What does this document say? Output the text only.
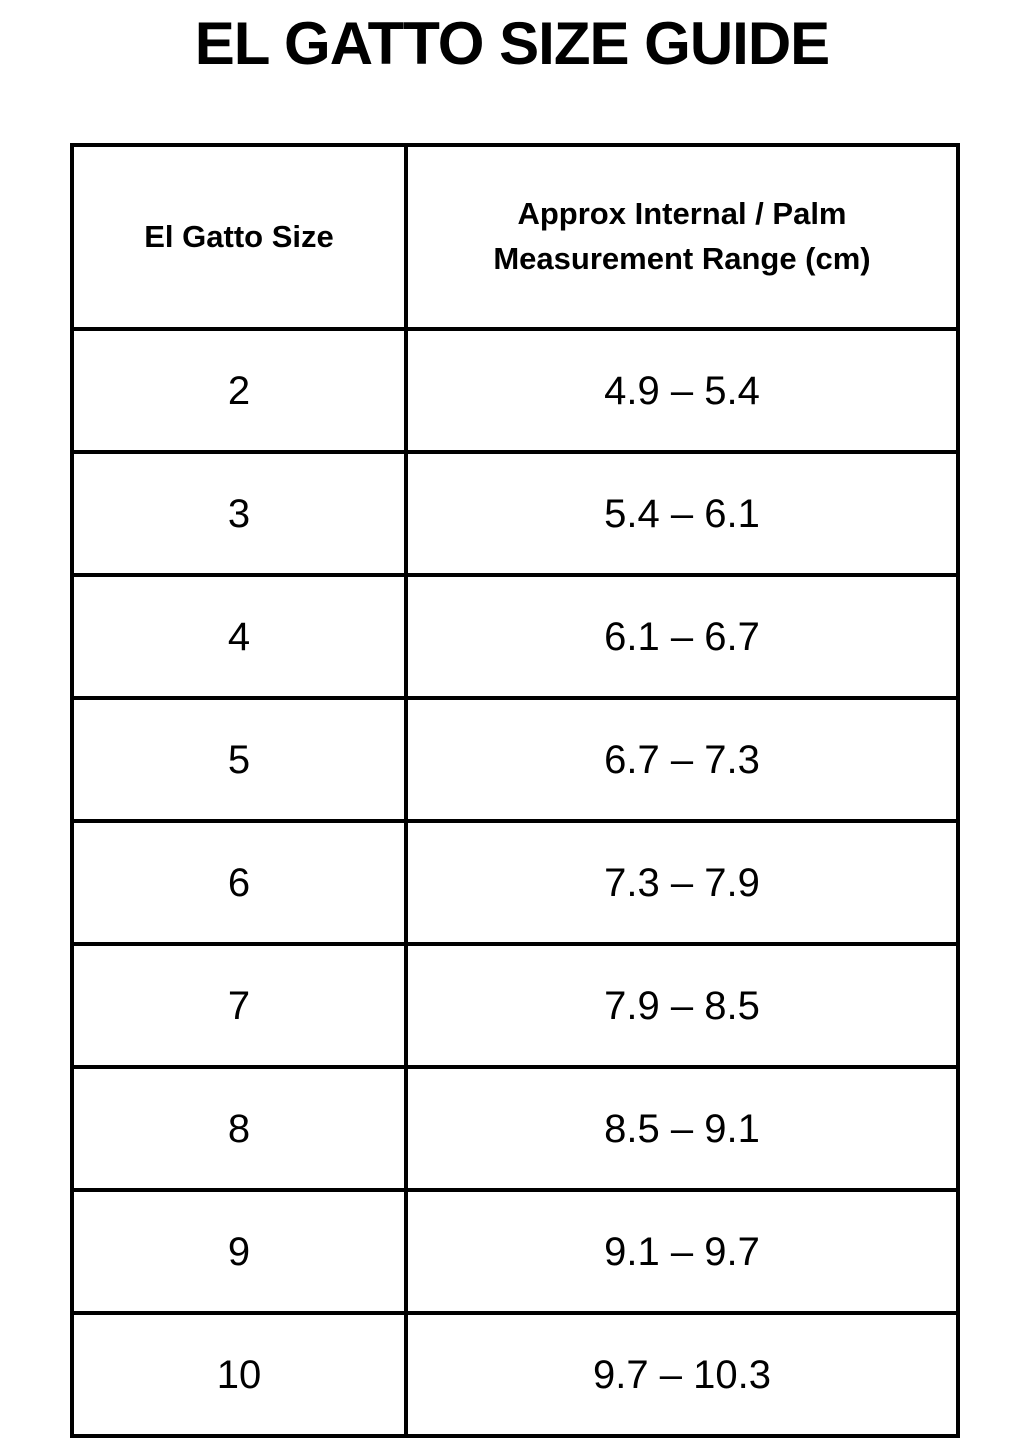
EL GATTO SIZE GUIDE
El Gatto Size	Approx Internal / Palm
Measurement Range (cm)

2	4.9 – 5.4
3	5.4 – 6.1
4	6.1 – 6.7
5	6.7 – 7.3
6	7.3 – 7.9
7	7.9 – 8.5
8	8.5 – 9.1
9	9.1 – 9.7
10	9.7 – 10.3
